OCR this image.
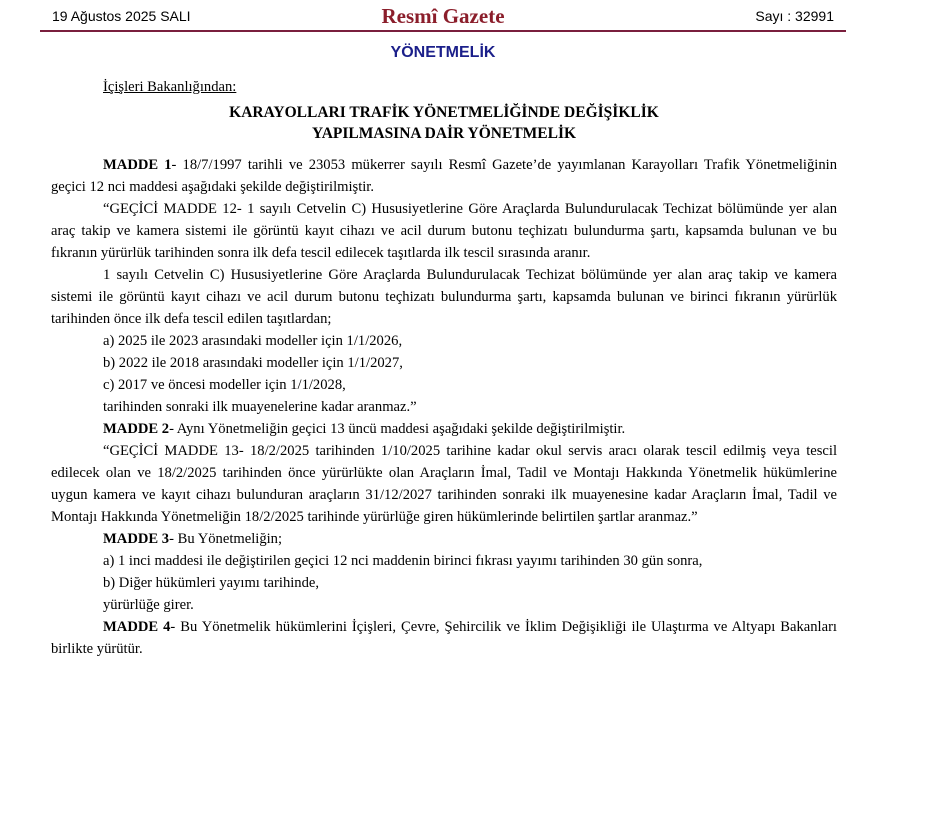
19 Ağustos 2025 SALI	Resmî Gazete	Sayı : 32991
YÖNETMELİK

İçişleri Bakanlığından:

KARAYOLLARI TRAFİK YÖNETMELİĞİNDE DEĞİŞİKLİK
YAPILMASINA DAİR YÖNETMELİK

MADDE 1- 18/7/1997 tarihli ve 23053 mükerrer sayılı Resmî Gazete’de yayımlanan Karayolları Trafik Yönetmeliğinin geçici 12 nci maddesi aşağıdaki şekilde değiştirilmiştir.

“GEÇİCİ MADDE 12- 1 sayılı Cetvelin C) Hususiyetlerine Göre Araçlarda Bulundurulacak Techizat bölümünde yer alan araç takip ve kamera sistemi ile görüntü kayıt cihazı ve acil durum butonu teçhizatı bulundurma şartı, kapsamda bulunan ve bu fıkranın yürürlük tarihinden sonra ilk defa tescil edilecek taşıtlarda ilk tescil sırasında aranır.

1 sayılı Cetvelin C) Hususiyetlerine Göre Araçlarda Bulundurulacak Techizat bölümünde yer alan araç takip ve kamera sistemi ile görüntü kayıt cihazı ve acil durum butonu teçhizatı bulundurma şartı, kapsamda bulunan ve birinci fıkranın yürürlük tarihinden önce ilk defa tescil edilen taşıtlardan;

a) 2025 ile 2023 arasındaki modeller için 1/1/2026,

b) 2022 ile 2018 arasındaki modeller için 1/1/2027,

c) 2017 ve öncesi modeller için 1/1/2028,

tarihinden sonraki ilk muayenelerine kadar aranmaz.”

MADDE 2- Aynı Yönetmeliğin geçici 13 üncü maddesi aşağıdaki şekilde değiştirilmiştir.

“GEÇİCİ MADDE 13- 18/2/2025 tarihinden 1/10/2025 tarihine kadar okul servis aracı olarak tescil edilmiş veya tescil edilecek olan ve 18/2/2025 tarihinden önce yürürlükte olan Araçların İmal, Tadil ve Montajı Hakkında Yönetmelik hükümlerine uygun kamera ve kayıt cihazı bulunduran araçların 31/12/2027 tarihinden sonraki ilk muayenesine kadar Araçların İmal, Tadil ve Montajı Hakkında Yönetmeliğin 18/2/2025 tarihinde yürürlüğe giren hükümlerinde belirtilen şartlar aranmaz.”

MADDE 3- Bu Yönetmeliğin;

a) 1 inci maddesi ile değiştirilen geçici 12 nci maddenin birinci fıkrası yayımı tarihinden 30 gün sonra,

b) Diğer hükümleri yayımı tarihinde,

yürürlüğe girer.

MADDE 4- Bu Yönetmelik hükümlerini İçişleri, Çevre, Şehircilik ve İklim Değişikliği ile Ulaştırma ve Altyapı Bakanları birlikte yürütür.
